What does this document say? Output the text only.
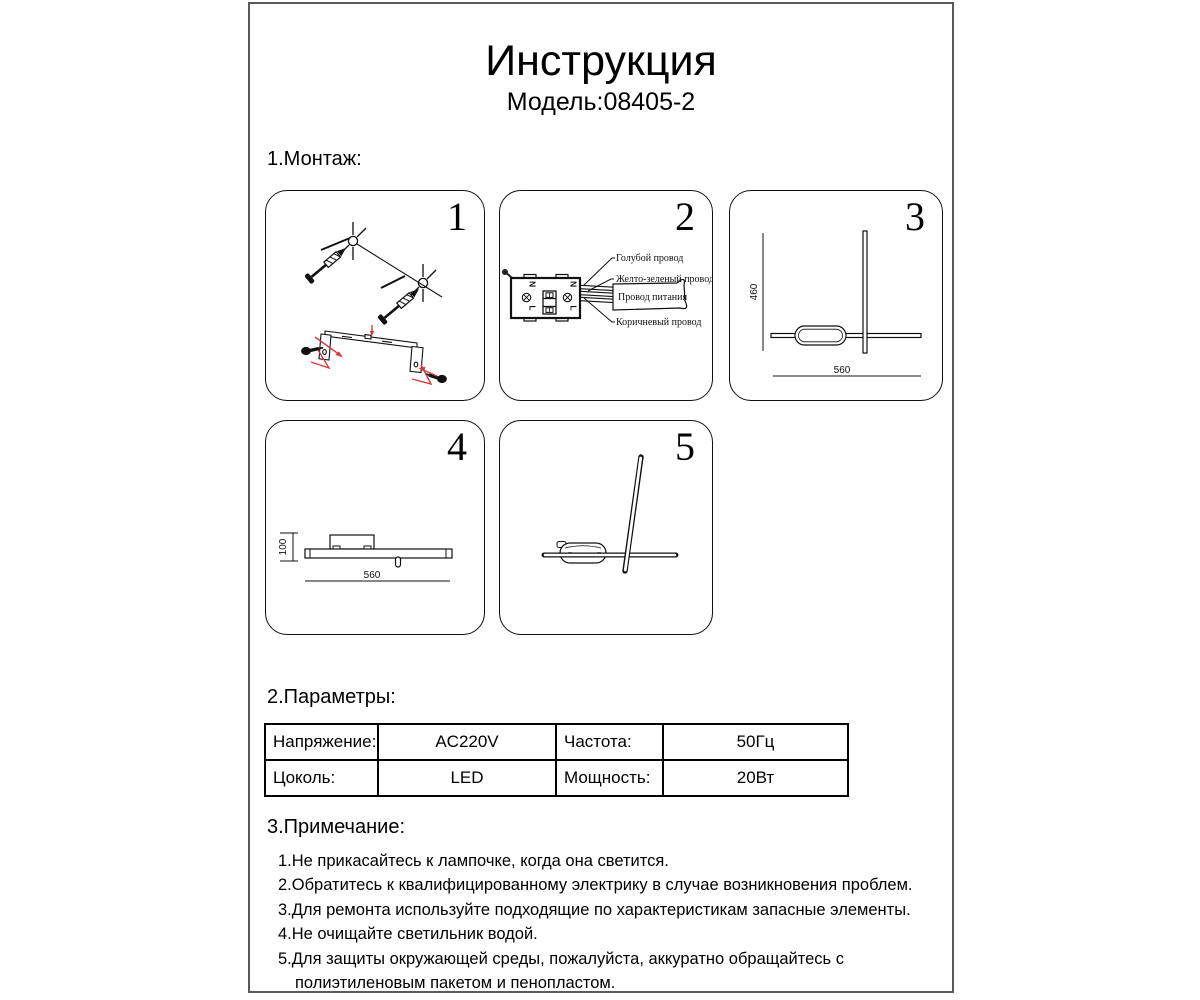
Инструкция
Модель:08405-2
1.Монтаж:
1
Провод питания
N
L
N
L
Голубой провод
Желто-зеленый провод
Коричневый провод
2
460
560
3
100
560
4	5
2.Параметры:
Напряжение:	AC220V	Частота:	50Гц
Цоколь:	LED	Мощность:	20Вт
3.Примечание:
1.Не прикасайтесь к лампочке, когда она светится.
2.Обратитесь к квалифицированному электрику в случае возникновения проблем.
3.Для ремонта используйте подходящие по характеристикам запасные элементы.
4.Не очищайте светильник водой.
5.Для защиты окружающей среды, пожалуйста, аккуратно обращайтесь с полиэтиленовым пакетом и пенопластом.
